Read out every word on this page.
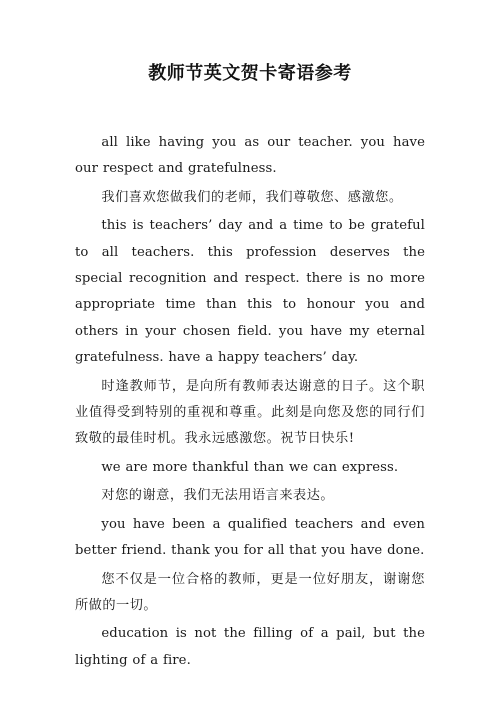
教师节英文贺卡寄语参考

all like having you as our teacher. you have our respect and gratefulness.

我们喜欢您做我们的老师，我们尊敬您、感激您。

this is teachers’ day and a time to be grateful to all teachers. this profession deserves the special recognition and respect. there is no more appropriate time than this to honour you and others in your chosen field. you have my eternal gratefulness. have a happy teachers’ day.

时逢教师节，是向所有教师表达谢意的日子。这个职业值得受到特别的重视和尊重。此刻是向您及您的同行们致敬的最佳时机。我永远感激您。祝节日快乐!

we are more thankful than we can express.

对您的谢意，我们无法用语言来表达。

you have been a qualified teachers and even better friend. thank you for all that you have done.

您不仅是一位合格的教师，更是一位好朋友，谢谢您所做的一切。

education is not the filling of a pail, but the lighting of a fire.
